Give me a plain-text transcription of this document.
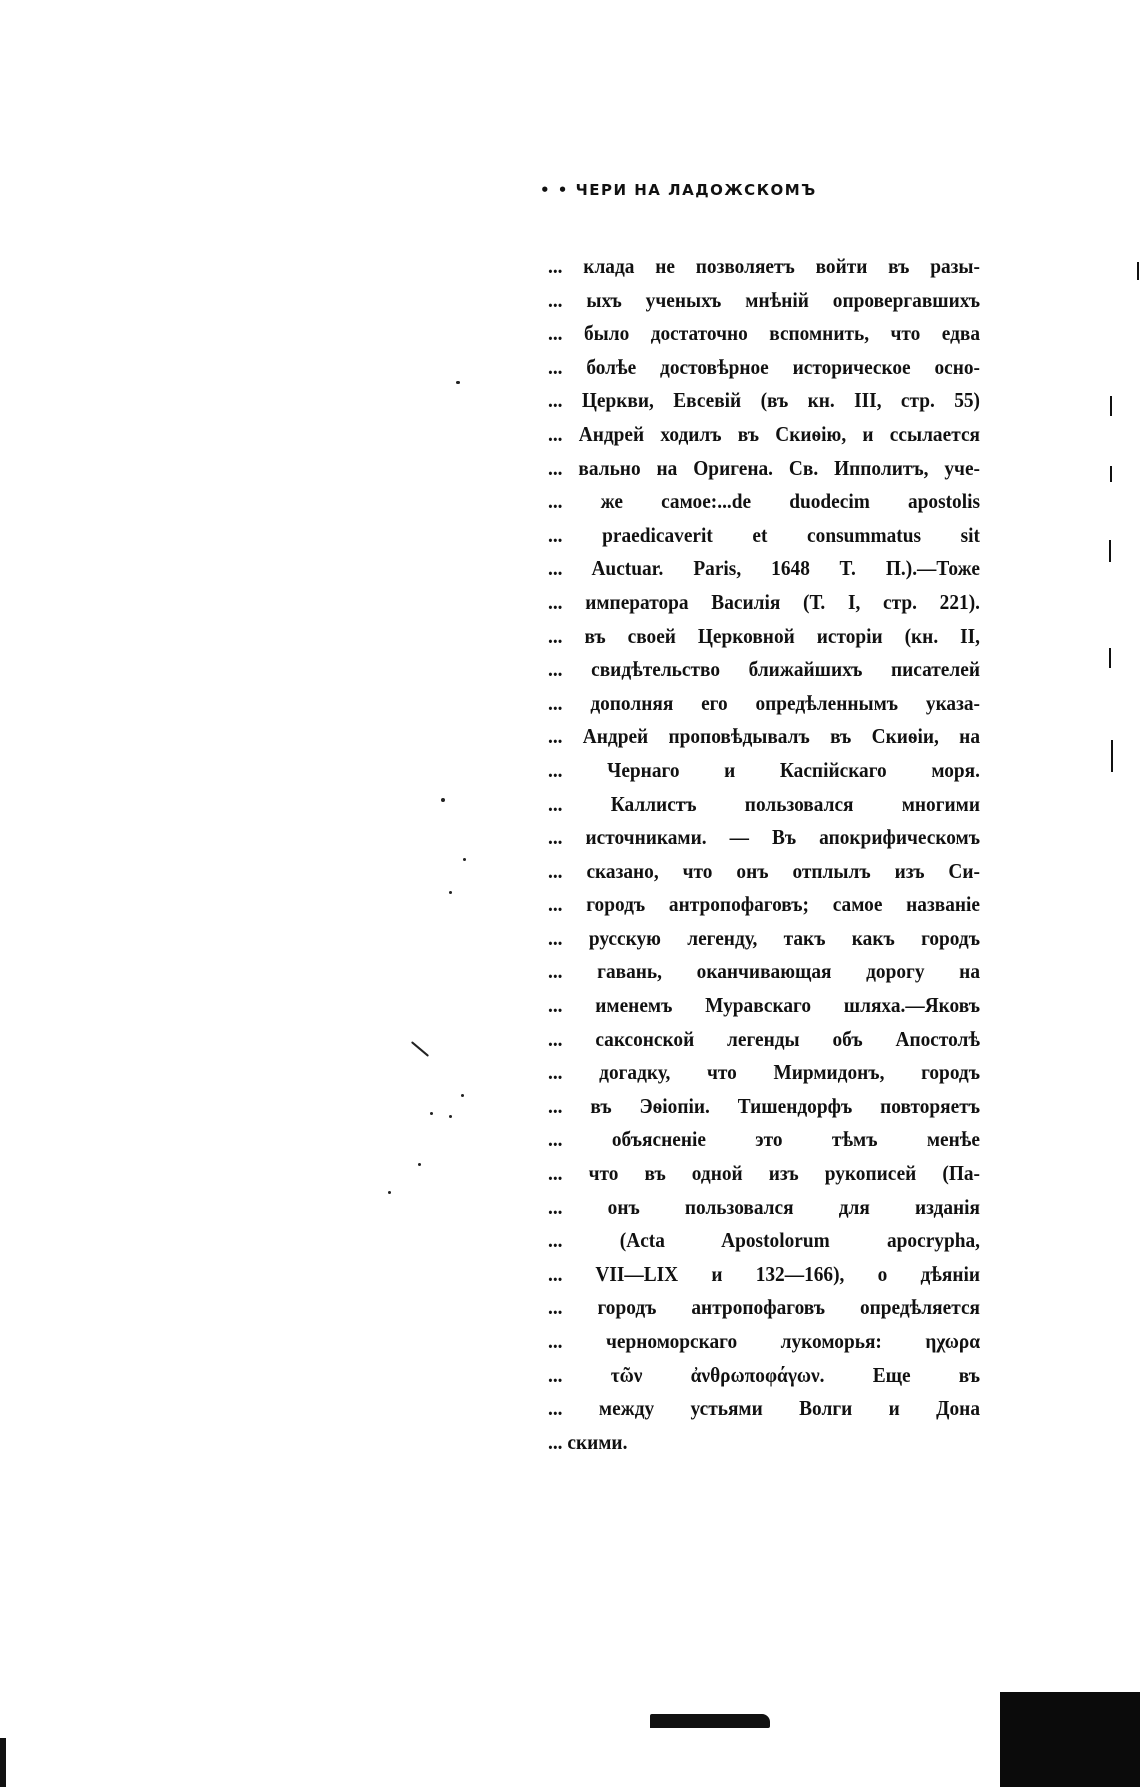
• • ЧЕРИ НА ЛАДОЖСКОМЪ
... клада не позволяетъ войти въ разы-
... ыхъ ученыхъ мнѣній опровергавшихъ
... было достаточно вспомнить, что едва
... болѣе достовѣрное историческое осно-
... Церкви, Евсевій (въ кн. III, стр. 55)
... Андрей ходилъ въ Скиѳію, и ссылается
... вально на Оригена. Св. Ипполитъ, уче-
... же самое:...de duodecim apostolis
... praedicaverit et consummatus sit
... Auctuar. Paris, 1648 T. П.).—Тоже
... императора Василія (Т. I, стр. 221).
... въ своей Церковной исторіи (кн. II,
... свидѣтельство ближайшихъ писателей
... дополняя его опредѣленнымъ указа-
... Андрей проповѣдывалъ въ Скиѳіи, на
... Чернаго и Каспійскаго моря.
... Каллистъ пользовался многими
... источниками. — Въ апокрифическомъ
... сказано, что онъ отплылъ изъ Си-
... городъ антропофаговъ; самое названіе
... русскую легенду, такъ какъ городъ
... гавань, оканчивающая дорогу на
... именемъ Муравскаго шляха.—Яковъ
... саксонской легенды объ Апостолѣ
... догадку, что Мирмидонъ, городъ
... въ Эѳіопіи. Тишендорфъ повторяетъ
... объясненіе это тѣмъ менѣе
... что въ одной изъ рукописей (Па-
... онъ пользовался для изданія
... (Acta Apostolorum apocrypha,
... VII—LIX и 132—166), о дѣяніи
... городъ антропофаговъ опредѣляется
... черноморскаго лукоморья: ηχωρα
... τῶν ἀνθρωποφάγων. Еще въ
... между устьями Волги и Дона
... скими.
